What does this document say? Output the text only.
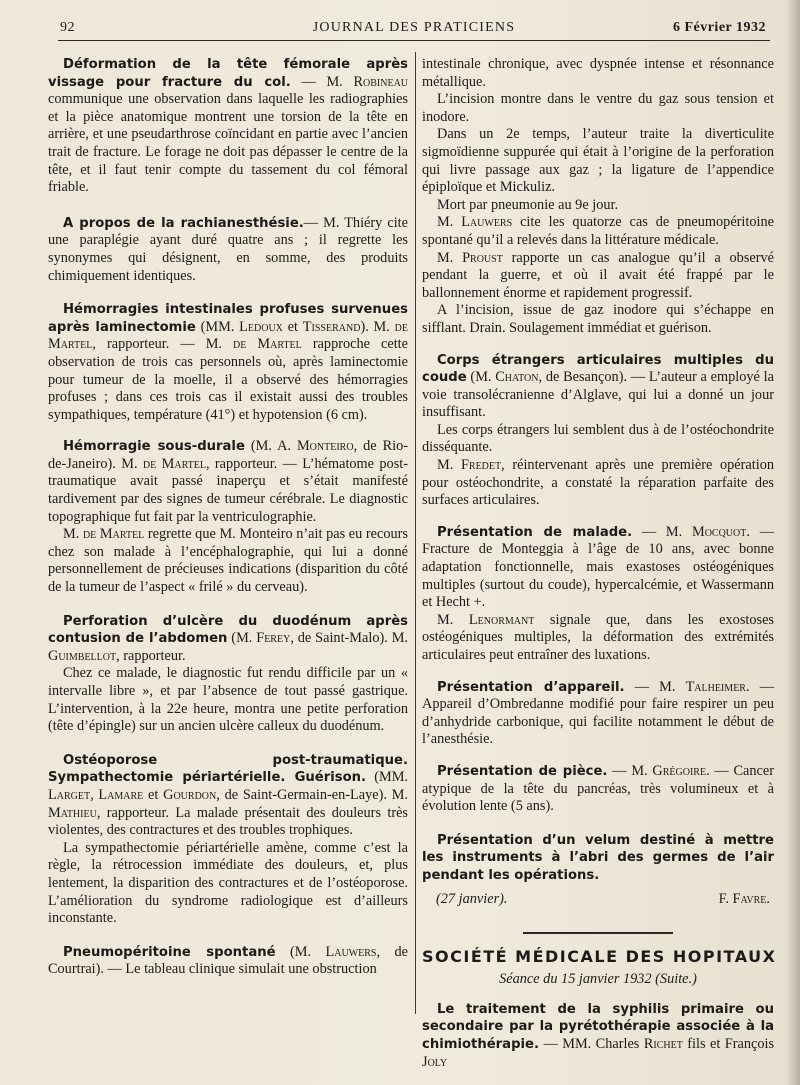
92	JOURNAL DES PRATICIENS	6 Février 1932

Déformation de la tête fémorale après vissage pour fracture du col. — M. Robineau communique une observation dans laquelle les radiographies et la pièce anatomique montrent une torsion de la tête en arrière, et une pseudarthrose coïncidant en partie avec l’ancien trait de fracture. Le forage ne doit pas dépasser le centre de la tête, et il faut tenir compte du tassement du col fémoral friable.

A propos de la rachianesthésie.— M. Thiéry cite une paraplégie ayant duré quatre ans ; il regrette les synonymes qui désignent, en somme, des produits chimiquement identiques.

Hémorragies intestinales profuses survenues après laminectomie (MM. Ledoux et Tisserand). M. de Martel, rapporteur. — M. de Martel rapproche cette observation de trois cas personnels où, après laminectomie pour tumeur de la moelle, il a observé des hémorragies profuses ; dans ces trois cas il existait aussi des troubles sympathiques, température (41°) et hypotension (6 cm).

Hémorragie sous-durale (M. A. Monteiro, de Rio-de-Janeiro). M. de Martel, rapporteur. — L’hématome post-traumatique avait passé inaperçu et s’était manifesté tardivement par des signes de tumeur cérébrale. Le diagnostic topographique fut fait par la ventriculographie.

M. de Martel regrette que M. Monteiro n’ait pas eu recours chez son malade à l’encéphalographie, qui lui a donné personnellement de précieuses indications (disparition du côté de la tumeur de l’aspect « frilé » du cerveau).

Perforation d’ulcère du duodénum après contusion de l’abdomen (M. Ferey, de Saint-Malo). M. Guimbellot, rapporteur.

Chez ce malade, le diagnostic fut rendu difficile par un « intervalle libre », et par l’absence de tout passé gastrique. L’intervention, à la 22e heure, montra une petite perforation (tête d’épingle) sur un ancien ulcère calleux du duodénum.

Ostéoporose post-traumatique. Sympathectomie périartérielle. Guérison. (MM. Larget, Lamare et Gourdon, de Saint-Germain-en-Laye). M. Mathieu, rapporteur. La malade présentait des douleurs très violentes, des contractures et des troubles trophiques.

La sympathectomie périartérielle amène, comme c’est la règle, la rétrocession immédiate des douleurs, et, plus lentement, la disparition des contractures et de l’ostéoporose. L’amélioration du syndrome radiologique est d’ailleurs inconstante.

Pneumopéritoine spontané (M. Lauwers, de Courtrai). — Le tableau clinique simulait une obstruction

intestinale chronique, avec dyspnée intense et résonnance métallique.

L’incision montre dans le ventre du gaz sous tension et inodore.

Dans un 2e temps, l’auteur traite la diverticulite sigmoïdienne suppurée qui était à l’origine de la perforation qui livre passage aux gaz ; la ligature de l’appendice épiploïque et Mickuliz.

Mort par pneumonie au 9e jour.

M. Lauwers cite les quatorze cas de pneumopéritoine spontané qu’il a relevés dans la littérature médicale.

M. Proust rapporte un cas analogue qu’il a observé pendant la guerre, et où il avait été frappé par le ballonnement énorme et rapidement progressif.

A l’incision, issue de gaz inodore qui s’échappe en sifflant. Drain. Soulagement immédiat et guérison.

Corps étrangers articulaires multiples du coude (M. Chaton, de Besançon). — L’auteur a employé la voie transolécranienne d’Alglave, qui lui a donné un jour insuffisant.

Les corps étrangers lui semblent dus à de l’ostéochondrite disséquante.

M. Fredet, réintervenant après une première opération pour ostéochondrite, a constaté la réparation parfaite des surfaces articulaires.

Présentation de malade. — M. Mocquot. — Fracture de Monteggia à l’âge de 10 ans, avec bonne adaptation fonctionnelle, mais exastoses ostéogéniques multiples (surtout du coude), hypercalcémie, et Wassermann et Hecht +.

M. Lenormant signale que, dans les exostoses ostéogéniques multiples, la déformation des extrémités articulaires peut entraîner des luxations.

Présentation d’appareil. — M. Talheimer. — Appareil d’Ombredanne modifié pour faire respirer un peu d’anhydride carbonique, qui facilite notamment le début de l’anesthésie.

Présentation de pièce. — M. Grégoire. — Cancer atypique de la tête du pancréas, très volumineux et à évolution lente (5 ans).

Présentation d’un velum destiné à mettre les instruments à l’abri des germes de l’air pendant les opérations.

(27 janvier).	F. Favre.
SOCIÉTÉ MÉDICALE DES HOPITAUX
Séance du 15 janvier 1932 (Suite.)

Le traitement de la syphilis primaire ou secondaire par la pyrétothérapie associée à la chimiothérapie. — MM. Charles Richet fils et François Joly
